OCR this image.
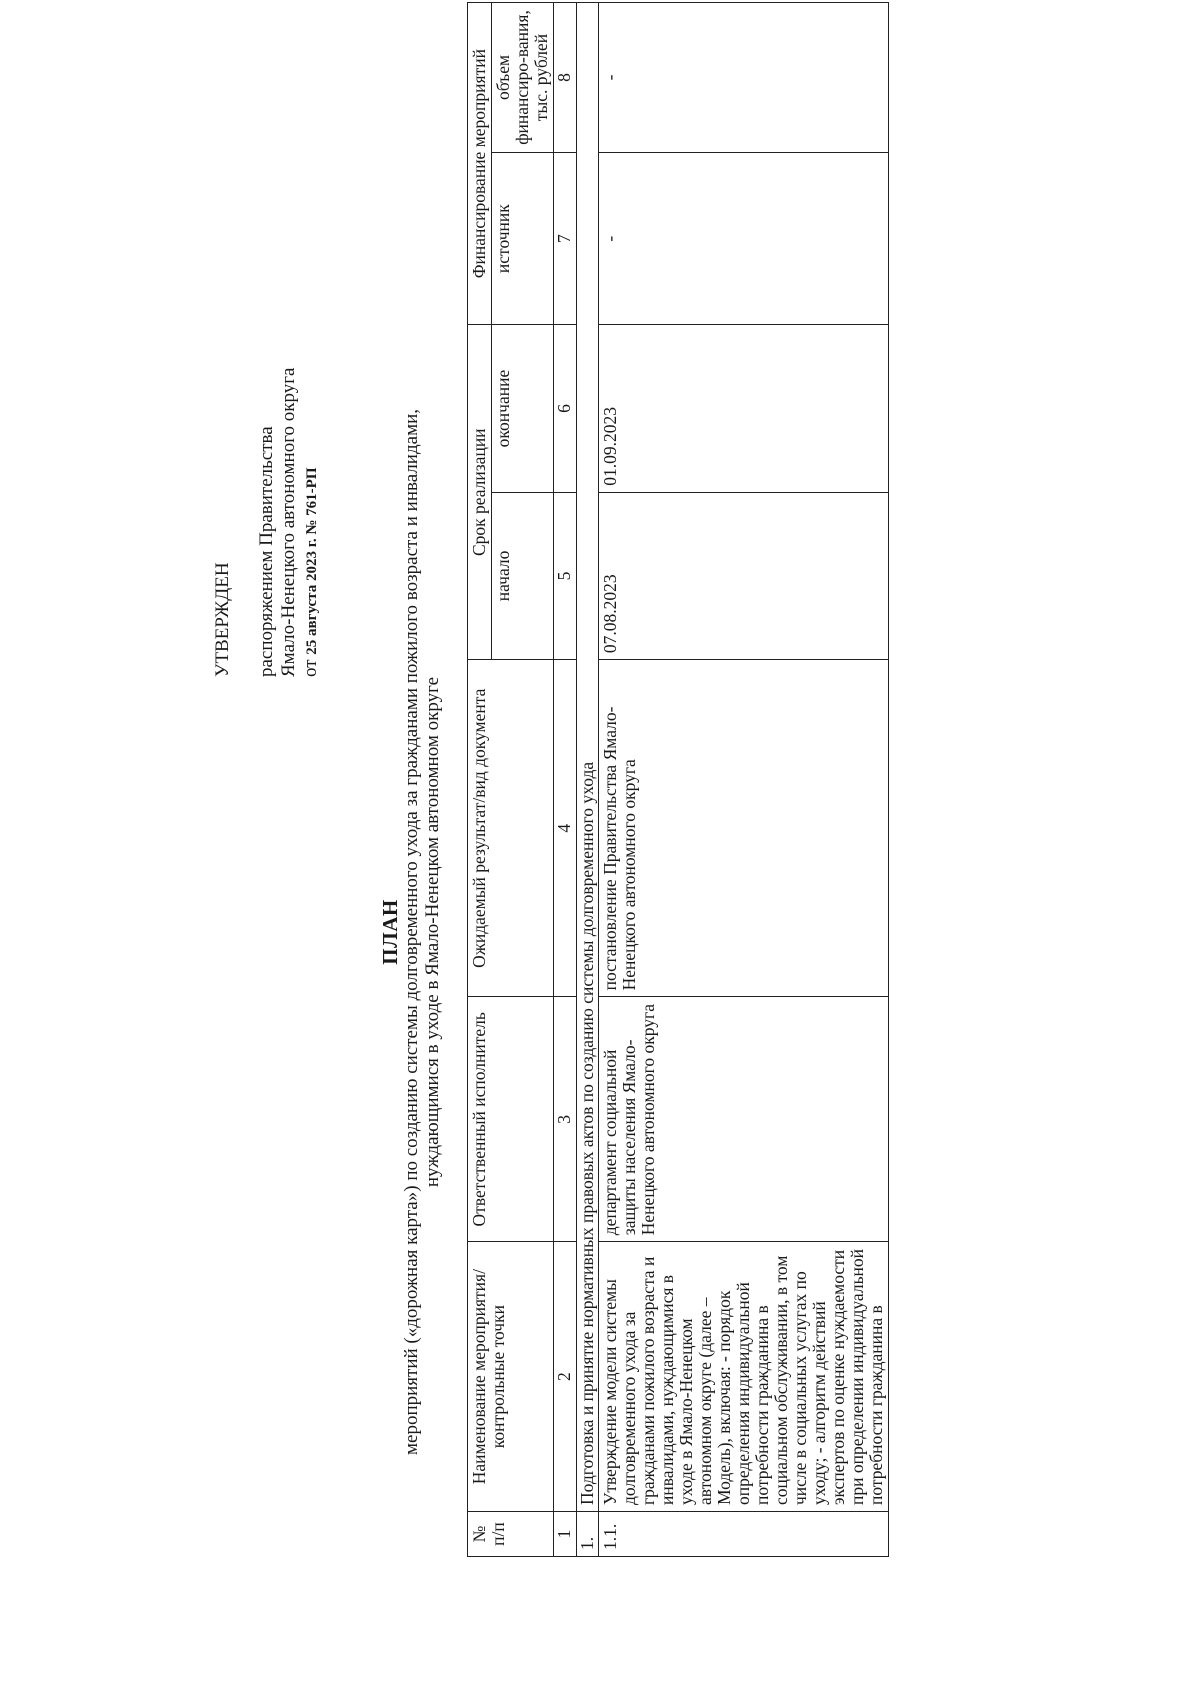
УТВЕРЖДЕН распоряжением Правительства Ямало-Ненецкого автономного округа от 25 августа 2023 г. № 761-РП
ПЛАН мероприятий («дорожная карта») по созданию системы долговременного ухода за гражданами пожилого возраста и инвалидами, нуждающимися в уходе в Ямало-Ненецком автономном округе
№ п/п	Наименование мероприятия/ контрольные точки	Ответственный исполнитель	Ожидаемый результат/вид документа	Срок реализации		Финансирование мероприятий	
				начало	окончание	источник	объем финансиро-вания, тыс. рублей
1	2	3	4	5	6	7	8
1.	Подготовка и принятие нормативных правовых актов по созданию системы долговременного ухода						
1.1.	Утверждение модели системы долговременного ухода за гражданами пожилого возраста и инвалидами, нуждающимися в уходе в Ямало-Ненецком автономном округе (далее – Модель), включая: - порядок определения индивидуальной потребности гражданина в социальном обслуживании, в том числе в социальных услугах по уходу; - алгоритм действий экспертов по оценке нуждаемости при определении индивидуальной потребности гражданина в	департамент социальной защиты населения Ямало-Ненецкого автономного округа	постановление Правительства Ямало-Ненецкого автономного округа	07.08.2023	01.09.2023	-	-
